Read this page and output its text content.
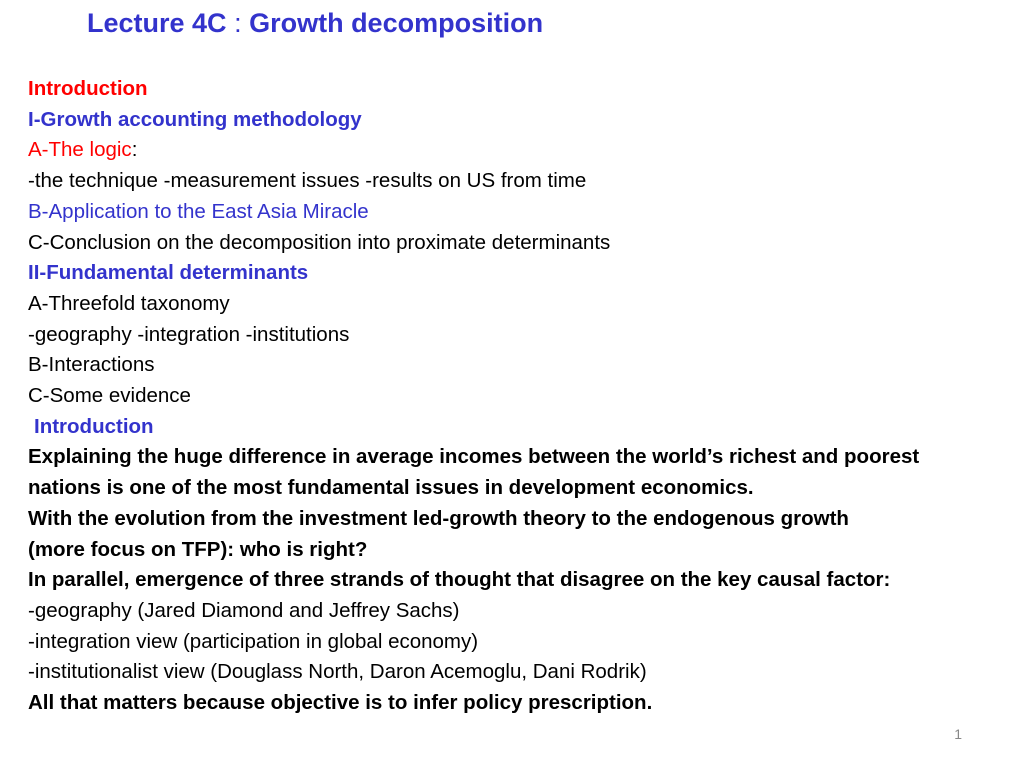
Lecture 4C : Growth decomposition
Introduction
I-Growth accounting methodology
A-The logic:
-the technique -measurement issues -results on US from time
B-Application to the East Asia Miracle
C-Conclusion on the decomposition into proximate determinants
II-Fundamental determinants
A-Threefold taxonomy
-geography -integration -institutions
B-Interactions
C-Some evidence
Introduction
Explaining the huge difference in average incomes between the world’s richest and poorest
nations is one of the most fundamental issues in development economics.
With the evolution from the investment led-growth theory to the endogenous growth
(more focus on TFP): who is right?
In parallel, emergence of three strands of thought that disagree on the key causal factor:
-geography (Jared Diamond and Jeffrey Sachs)
-integration view (participation in global economy)
-institutionalist view (Douglass North, Daron Acemoglu, Dani Rodrik)
All that matters because objective is to infer policy prescription.
1
